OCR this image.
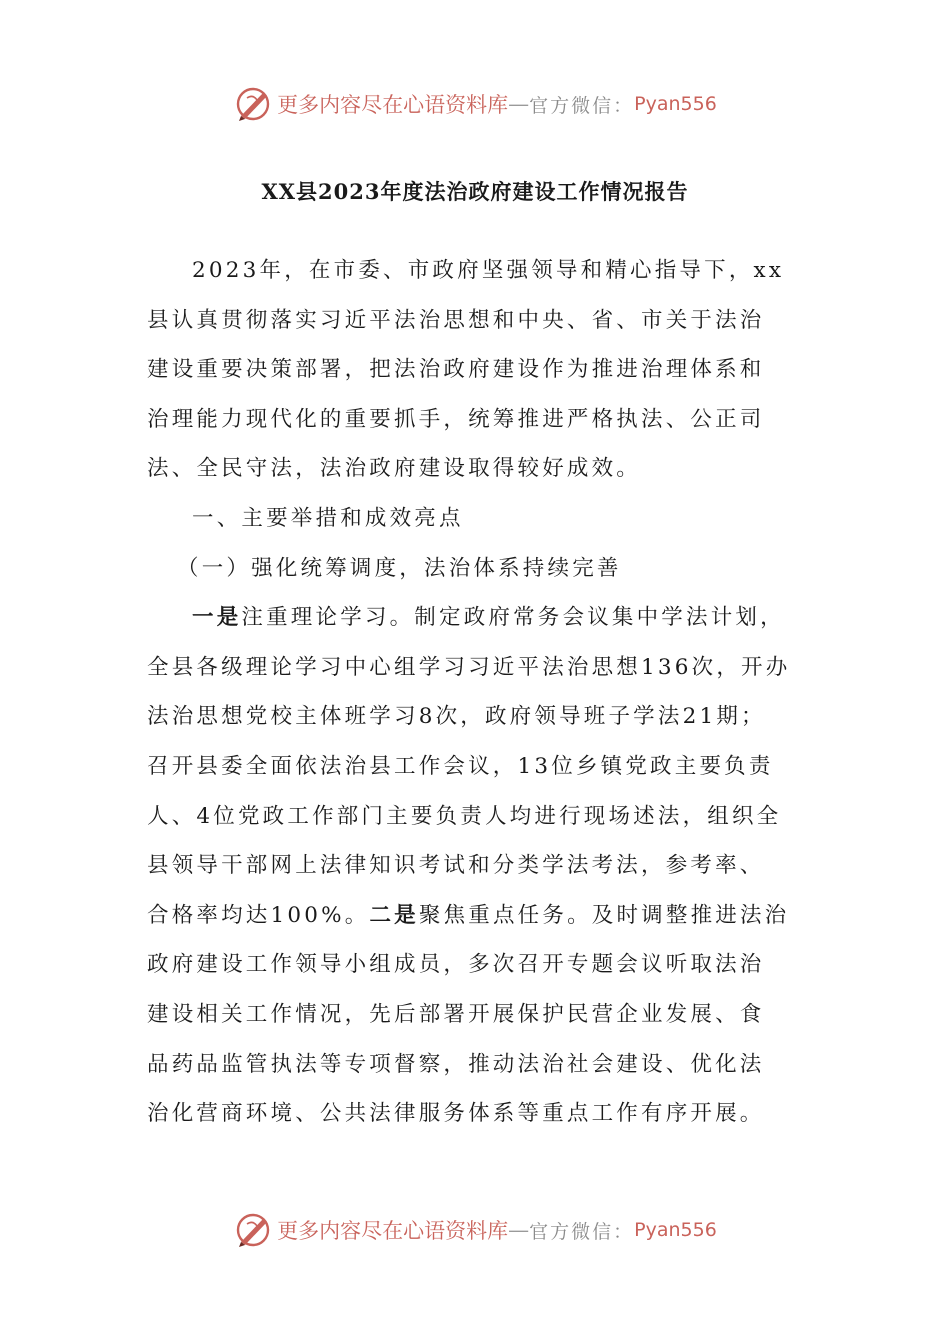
更多内容尽在心语资料库 — 官方微信： Pyan556
XX县2023年度法治政府建设工作情况报告
2023年，在市委、市政府坚强领导和精心指导下，xx
县认真贯彻落实习近平法治思想和中央、省、市关于法治
建设重要决策部署，把法治政府建设作为推进治理体系和
治理能力现代化的重要抓手，统筹推进严格执法、公正司
法、全民守法，法治政府建设取得较好成效。
一、主要举措和成效亮点
（一）强化统筹调度，法治体系持续完善
一是注重理论学习。制定政府常务会议集中学法计划，
全县各级理论学习中心组学习习近平法治思想136次，开办
法治思想党校主体班学习8次，政府领导班子学法21期；
召开县委全面依法治县工作会议，13位乡镇党政主要负责
人、4位党政工作部门主要负责人均进行现场述法，组织全
县领导干部网上法律知识考试和分类学法考法，参考率、
合格率均达100%。二是聚焦重点任务。及时调整推进法治
政府建设工作领导小组成员，多次召开专题会议听取法治
建设相关工作情况，先后部署开展保护民营企业发展、食
品药品监管执法等专项督察，推动法治社会建设、优化法
治化营商环境、公共法律服务体系等重点工作有序开展。
更多内容尽在心语资料库 — 官方微信： Pyan556
